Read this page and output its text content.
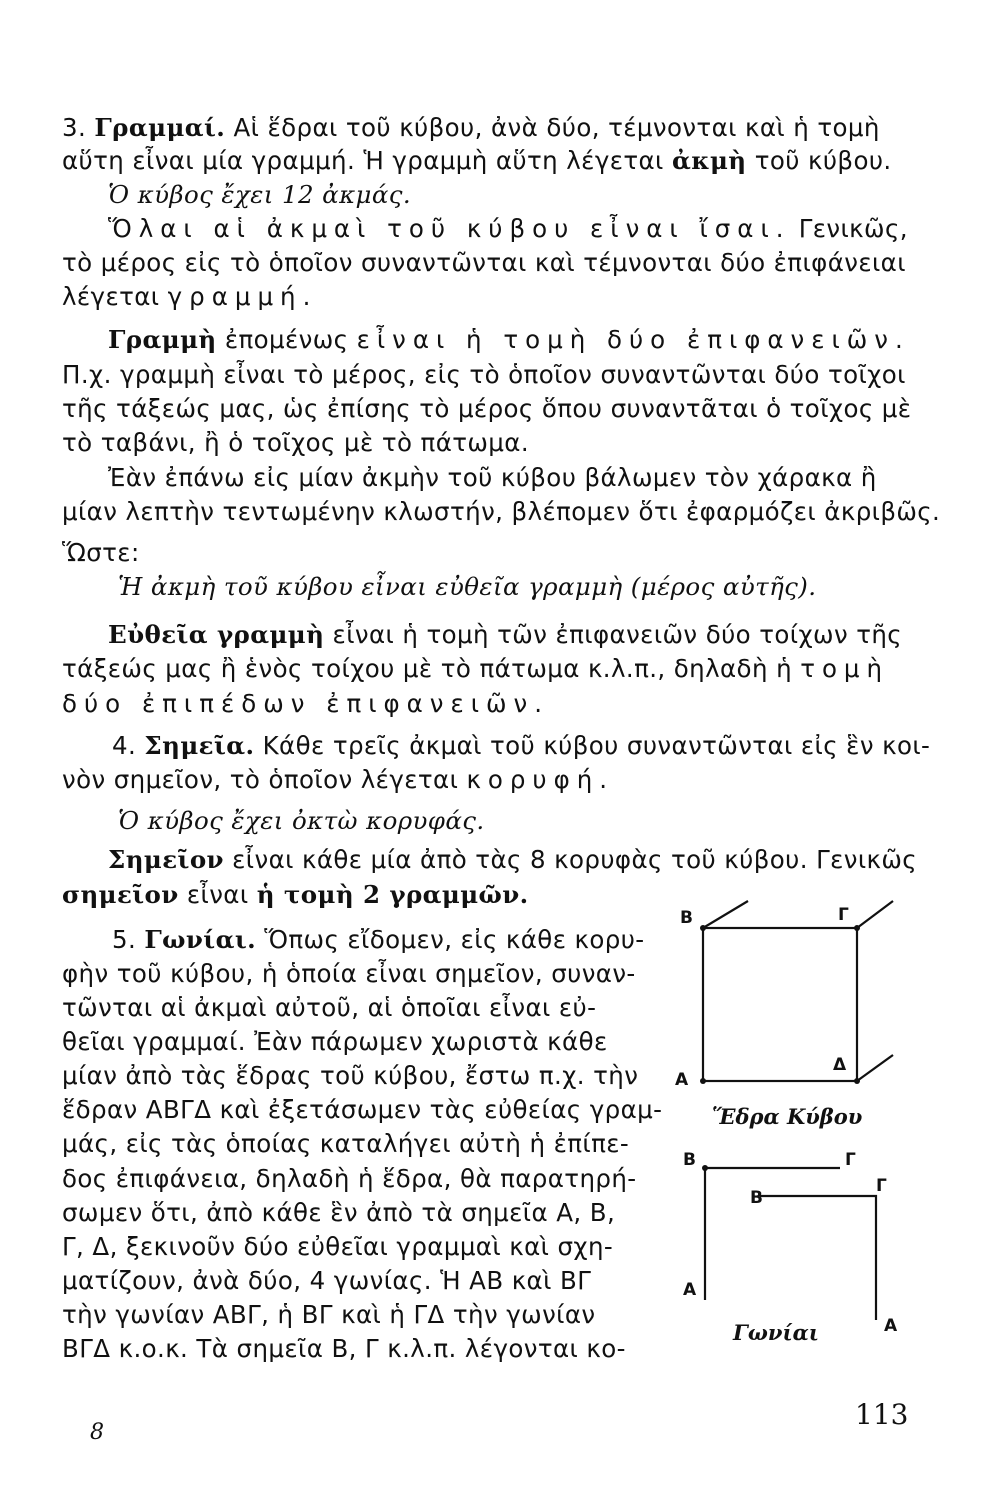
3. Γραμμαί. Αἱ ἕδραι τοῦ κύβου, ἀνὰ δύο, τέμνονται καὶ ἡ τομὴ
αὕτη εἶναι μία γραμμή. Ἡ γραμμὴ αὕτη λέγεται ἀκμὴ τοῦ κύβου.
Ὁ κύβος ἔχει 12 ἀκμάς.
Ὅλαι αἱ ἀκμαὶ τοῦ κύβου εἶναι ἴσαι. Γενικῶς,
τὸ μέρος εἰς τὸ ὁποῖον συναντῶνται καὶ τέμνονται δύο ἐπιφάνειαι
λέγεται γραμμή.
Γραμμὴ ἐπομένως εἶναι ἡ τομὴ δύο ἐπιφανειῶν.
Π.χ. γραμμὴ εἶναι τὸ μέρος, εἰς τὸ ὁποῖον συναντῶνται δύο τοῖχοι
τῆς τάξεώς μας, ὡς ἐπίσης τὸ μέρος ὅπου συναντᾶται ὁ τοῖχος μὲ
τὸ ταβάνι, ἢ ὁ τοῖχος μὲ τὸ πάτωμα.
Ἐὰν ἐπάνω εἰς μίαν ἀκμὴν τοῦ κύβου βάλωμεν τὸν χάρακα ἢ
μίαν λεπτὴν τεντωμένην κλωστήν, βλέπομεν ὅτι ἐφαρμόζει ἀκριβῶς.
Ὥστε:
Ἡ ἀκμὴ τοῦ κύβου εἶναι εὐθεῖα γραμμὴ (μέρος αὐτῆς).
Εὐθεῖα γραμμὴ εἶναι ἡ τομὴ τῶν ἐπιφανειῶν δύο τοίχων τῆς
τάξεώς μας ἢ ἑνὸς τοίχου μὲ τὸ πάτωμα κ.λ.π., δηλαδὴ ἡ τομὴ
δύο ἐπιπέδων ἐπιφανειῶν.
4. Σημεῖα. Κάθε τρεῖς ἀκμαὶ τοῦ κύβου συναντῶνται εἰς ἓν κοι-
νὸν σημεῖον, τὸ ὁποῖον λέγεται κορυφή.
Ὁ κύβος ἔχει ὀκτὼ κορυφάς.
Σημεῖον εἶναι κάθε μία ἀπὸ τὰς 8 κορυφὰς τοῦ κύβου. Γενικῶς
σημεῖον εἶναι ἡ τομὴ 2 γραμμῶν.
5. Γωνίαι. Ὅπως εἴδομεν, εἰς κάθε κορυ-
φὴν τοῦ κύβου, ἡ ὁποία εἶναι σημεῖον, συναν-
τῶνται αἱ ἀκμαὶ αὐτοῦ, αἱ ὁποῖαι εἶναι εὐ-
θεῖαι γραμμαί. Ἐὰν πάρωμεν χωριστὰ κάθε
μίαν ἀπὸ τὰς ἕδρας τοῦ κύβου, ἔστω π.χ. τὴν
ἕδραν ΑΒΓΔ καὶ ἐξετάσωμεν τὰς εὐθείας γραμ-
μάς, εἰς τὰς ὁποίας καταλήγει αὐτὴ ἡ ἐπίπε-
δος ἐπιφάνεια, δηλαδὴ ἡ ἕδρα, θὰ παρατηρή-
σωμεν ὅτι, ἀπὸ κάθε ἓν ἀπὸ τὰ σημεῖα Α, Β,
Γ, Δ, ξεκινοῦν δύο εὐθεῖαι γραμμαὶ καὶ σχη-
ματίζουν, ἀνὰ δύο, 4 γωνίας. Ἡ ΑΒ καὶ ΒΓ
τὴν γωνίαν ΑΒΓ, ἡ ΒΓ καὶ ἡ ΓΔ τὴν γωνίαν
ΒΓΔ κ.ο.κ. Τὰ σημεῖα Β, Γ κ.λ.π. λέγονται κο-
Β	Γ
Α
Δ
Ἕδρα Κύβου
Β	Γ
Β
Γ
Α
Α
Γωνίαι
8
113
